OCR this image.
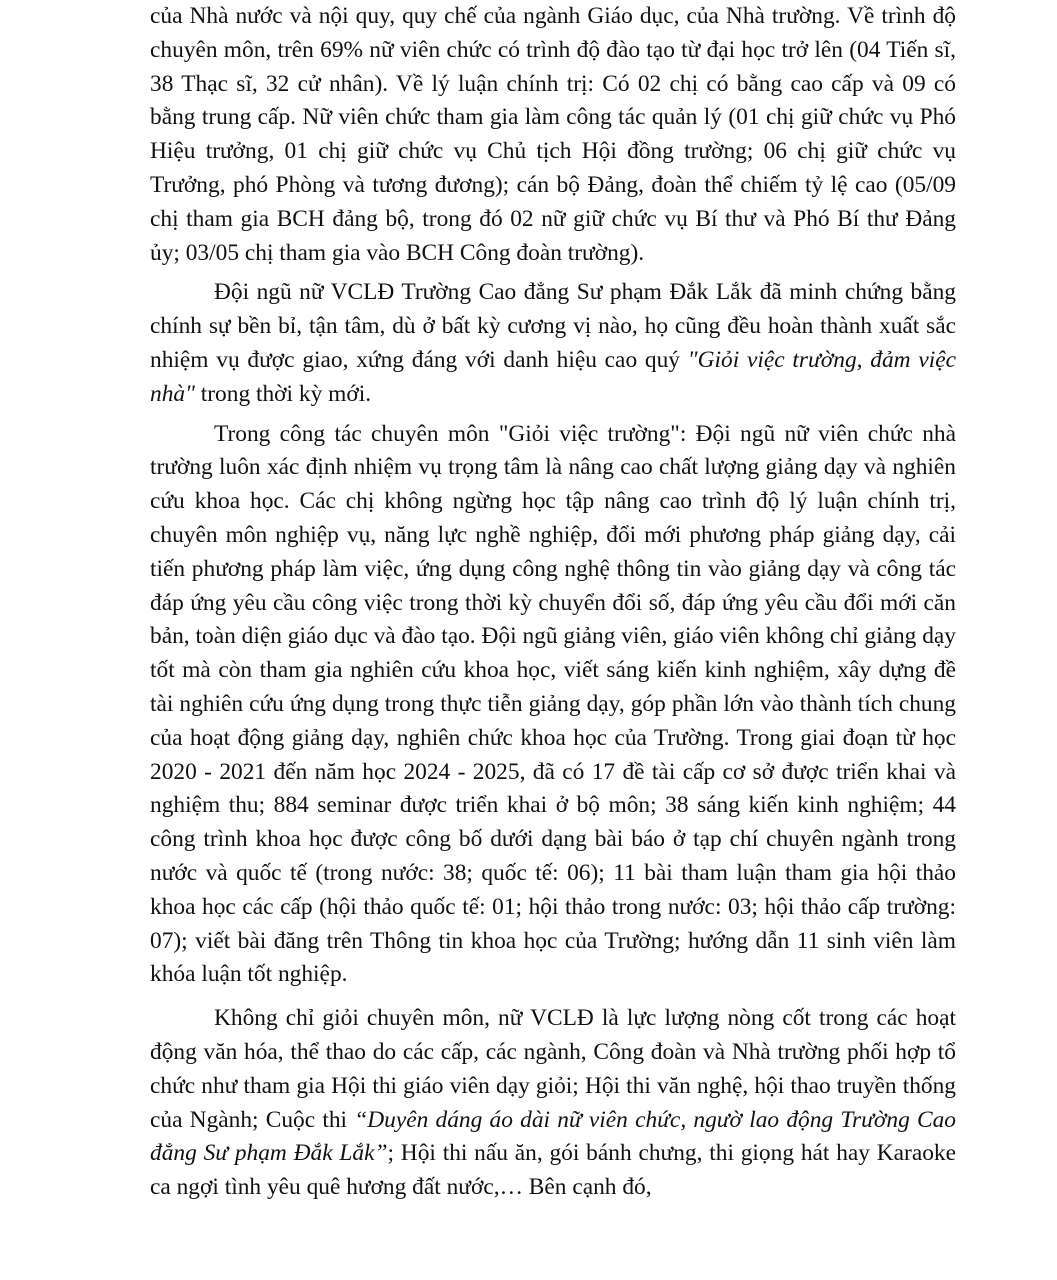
của Nhà nước và nội quy, quy chế của ngành Giáo dục, của Nhà trường. Về trình độ chuyên môn, trên 69% nữ viên chức có trình độ đào tạo từ đại học trở lên (04 Tiến sĩ, 38 Thạc sĩ, 32 cử nhân). Về lý luận chính trị: Có 02 chị có bằng cao cấp và 09 có bằng trung cấp. Nữ viên chức tham gia làm công tác quản lý (01 chị giữ chức vụ Phó Hiệu trưởng, 01 chị giữ chức vụ Chủ tịch Hội đồng trường; 06 chị giữ chức vụ Trưởng, phó Phòng và tương đương); cán bộ Đảng, đoàn thể chiếm tỷ lệ cao (05/09 chị tham gia BCH đảng bộ, trong đó 02 nữ giữ chức vụ Bí thư và Phó Bí thư Đảng ủy; 03/05 chị tham gia vào BCH Công đoàn trường).

Đội ngũ nữ VCLĐ Trường Cao đẳng Sư phạm Đắk Lắk đã minh chứng bằng chính sự bền bỉ, tận tâm, dù ở bất kỳ cương vị nào, họ cũng đều hoàn thành xuất sắc nhiệm vụ được giao, xứng đáng với danh hiệu cao quý "Giỏi việc trường, đảm việc nhà" trong thời kỳ mới.

Trong công tác chuyên môn "Giỏi việc trường": Đội ngũ nữ viên chức nhà trường luôn xác định nhiệm vụ trọng tâm là nâng cao chất lượng giảng dạy và nghiên cứu khoa học. Các chị không ngừng học tập nâng cao trình độ lý luận chính trị, chuyên môn nghiệp vụ, năng lực nghề nghiệp, đổi mới phương pháp giảng dạy, cải tiến phương pháp làm việc, ứng dụng công nghệ thông tin vào giảng dạy và công tác đáp ứng yêu cầu công việc trong thời kỳ chuyển đổi số, đáp ứng yêu cầu đổi mới căn bản, toàn diện giáo dục và đào tạo. Đội ngũ giảng viên, giáo viên không chỉ giảng dạy tốt mà còn tham gia nghiên cứu khoa học, viết sáng kiến kinh nghiệm, xây dựng đề tài nghiên cứu ứng dụng trong thực tiễn giảng dạy, góp phần lớn vào thành tích chung của hoạt động giảng dạy, nghiên chức khoa học của Trường. Trong giai đoạn từ học 2020 - 2021 đến năm học 2024 - 2025, đã có 17 đề tài cấp cơ sở được triển khai và nghiệm thu; 884 seminar được triển khai ở bộ môn; 38 sáng kiến kinh nghiệm; 44 công trình khoa học được công bố dưới dạng bài báo ở tạp chí chuyên ngành trong nước và quốc tế (trong nước: 38; quốc tế: 06); 11 bài tham luận tham gia hội thảo khoa học các cấp (hội thảo quốc tế: 01; hội thảo trong nước: 03; hội thảo cấp trường: 07); viết bài đăng trên Thông tin khoa học của Trường; hướng dẫn 11 sinh viên làm khóa luận tốt nghiệp.

Không chỉ giỏi chuyên môn, nữ VCLĐ là lực lượng nòng cốt trong các hoạt động văn hóa, thể thao do các cấp, các ngành, Công đoàn và Nhà trường phối hợp tổ chức như tham gia Hội thi giáo viên dạy giỏi; Hội thi văn nghệ, hội thao truyền thống của Ngành; Cuộc thi “Duyên dáng áo dài nữ viên chức, ngườ lao động Trường Cao đẳng Sư phạm Đắk Lắk”; Hội thi nấu ăn, gói bánh chưng, thi giọng hát hay Karaoke ca ngợi tình yêu quê hương đất nước,… Bên cạnh đó,
